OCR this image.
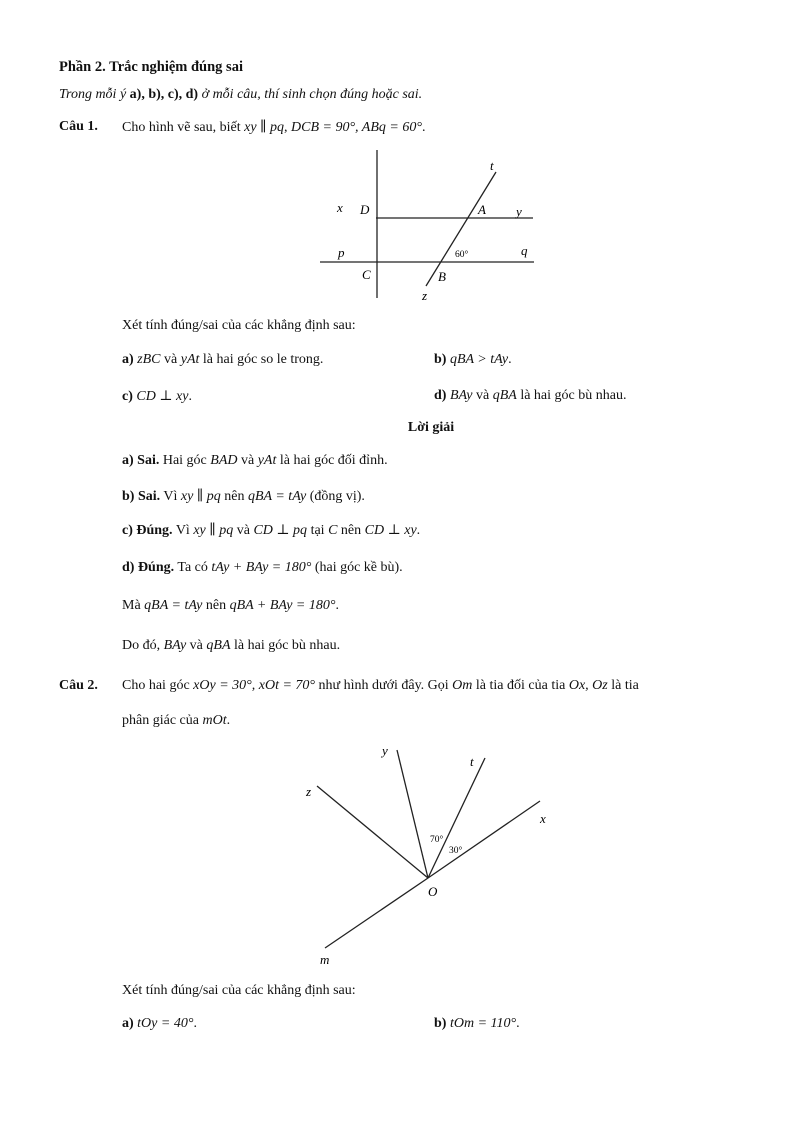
Phần 2. Trắc nghiệm đúng sai
Trong mỗi ý a), b), c), d) ở mỗi câu, thí sinh chọn đúng hoặc sai.
Câu 1. Cho hình vẽ sau, biết xy ∥ pq, DCB = 90°, ABq = 60°.
t
x D	A y
p	60°	q
C	B
z
Xét tính đúng/sai của các khẳng định sau:
a) zBC và yAt là hai góc so le trong.	b) qBA > tAy.
c) CD ⊥ xy.	d) BAy và qBA là hai góc bù nhau.
Lời giải
a) Sai. Hai góc BAD và yAt là hai góc đối đỉnh.
b) Sai. Vì xy ∥ pq nên qBA = tAy (đồng vị).
c) Đúng. Vì xy ∥ pq và CD ⊥ pq tại C nên CD ⊥ xy.
d) Đúng. Ta có tAy + BAy = 180° (hai góc kề bù).
Mà qBA = tAy nên qBA + BAy = 180°.
Do đó, BAy và qBA là hai góc bù nhau.
Câu 2. Cho hai góc xOy = 30°, xOt = 70° như hình dưới đây. Gọi Om là tia đối của tia Ox, Oz là tia
phân giác của mOt.
y
t
z
x
70°
30°
O
m
Xét tính đúng/sai của các khẳng định sau:
a) tOy = 40°.	b) tOm = 110°.
